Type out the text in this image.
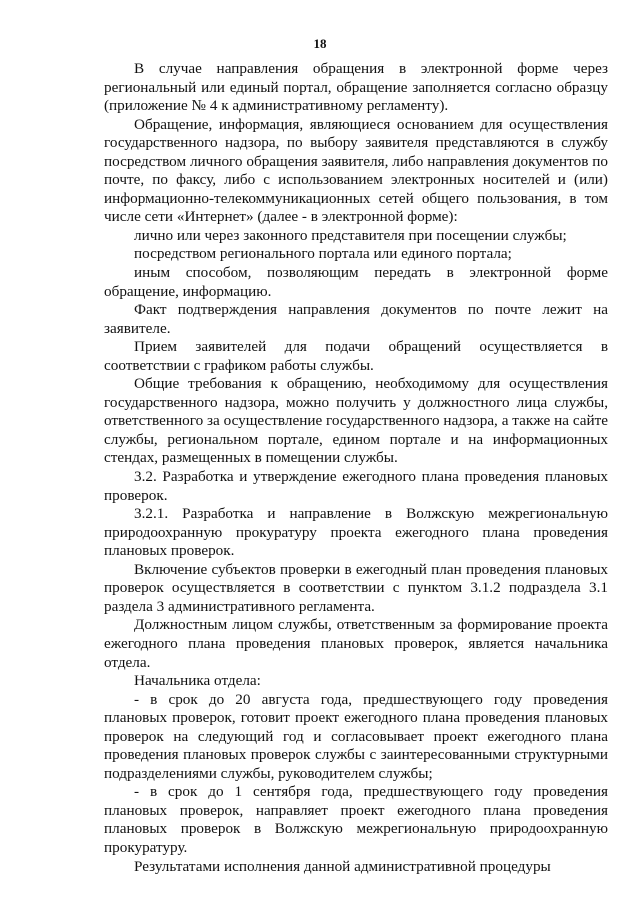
18

В случае направления обращения в электронной форме через региональный или единый портал, обращение заполняется согласно образцу (приложение № 4 к административному регламенту).

Обращение, информация, являющиеся основанием для осуществления государственного надзора, по выбору заявителя представляются в службу посредством личного обращения заявителя, либо направления документов по почте, по факсу, либо с использованием электронных носителей и (или) информационно-телекоммуникационных сетей общего пользования, в том числе сети «Интернет» (далее - в электронной форме):

лично или через законного представителя при посещении службы;

посредством регионального портала или единого портала;

иным способом, позволяющим передать в электронной форме обращение, информацию.

Факт подтверждения направления документов по почте лежит на заявителе.

Прием заявителей для подачи обращений осуществляется в соответствии с графиком работы службы.

Общие требования к обращению, необходимому для осуществления государственного надзора, можно получить у должностного лица службы, ответственного за осуществление государственного надзора, а также на сайте службы, региональном портале, едином портале и на информационных стендах, размещенных в помещении службы.

3.2. Разработка и утверждение ежегодного плана проведения плановых проверок.

3.2.1. Разработка и направление в Волжскую межрегиональную природоохранную прокуратуру проекта ежегодного плана проведения плановых проверок.

Включение субъектов проверки в ежегодный план проведения плановых проверок осуществляется в соответствии с пунктом 3.1.2 подраздела 3.1 раздела 3 административного регламента.

Должностным лицом службы, ответственным за формирование проекта ежегодного плана проведения плановых проверок, является начальника отдела.

Начальника отдела:

- в срок до 20 августа года, предшествующего году проведения плановых проверок, готовит проект ежегодного плана проведения плановых проверок на следующий год и согласовывает проект ежегодного плана проведения плановых проверок службы с заинтересованными структурными подразделениями службы, руководителем службы;

- в срок до 1 сентября года, предшествующего году проведения плановых проверок, направляет проект ежегодного плана проведения плановых проверок в Волжскую межрегиональную природоохранную прокуратуру.

Результатами исполнения данной административной процедуры
